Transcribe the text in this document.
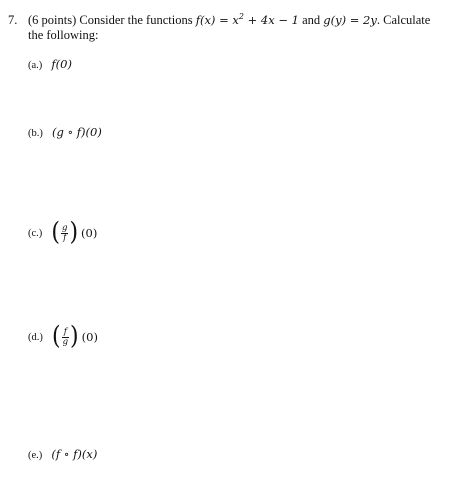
7. (6 points) Consider the functions $f(x) = x^2 + 4x - 1$ and g(y) = 2y. Calculate
the following:
(a.) f(0)
(b.) (g ∘ f)(0)
(c.) ( $\frac{g}{f}$ ) (0)
(d.) ( $\frac{f}{g}$ ) (0)
(e.) (f ∘ f)(x)
